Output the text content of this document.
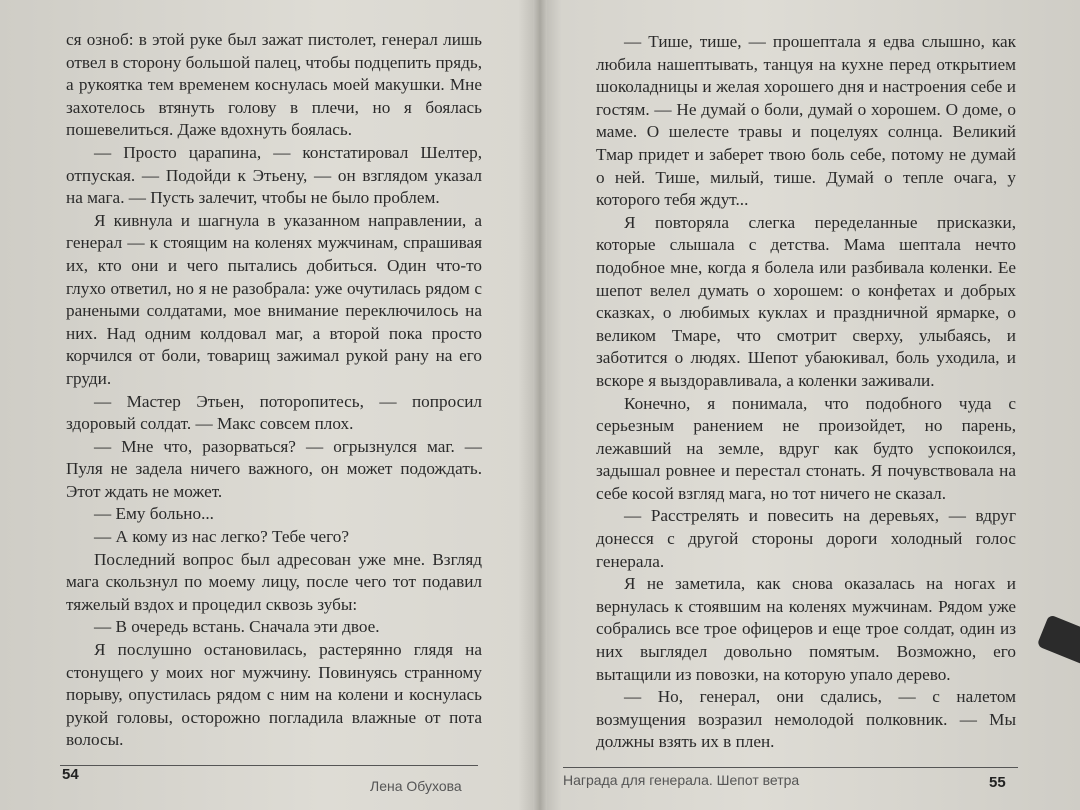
ся озноб: в этой руке был зажат пистолет, генерал лишь отвел в сторону большой палец, чтобы подцепить прядь, а рукоятка тем временем коснулась моей макушки. Мне захотелось втянуть голову в плечи, но я боялась пошевелиться. Даже вдохнуть боялась.

— Просто царапина, — констатировал Шелтер, отпуская. — Подойди к Этьену, — он взглядом указал на мага. — Пусть залечит, чтобы не было проблем.

Я кивнула и шагнула в указанном направлении, а генерал — к стоящим на коленях мужчинам, спрашивая их, кто они и чего пытались добиться. Один что-то глухо ответил, но я не разобрала: уже очутилась рядом с ранеными солдатами, мое внимание переключилось на них. Над одним колдовал маг, а второй пока просто корчился от боли, товарищ зажимал рукой рану на его груди.

— Мастер Этьен, поторопитесь, — попросил здоровый солдат. — Макс совсем плох.

— Мне что, разорваться? — огрызнулся маг. — Пуля не задела ничего важного, он может подождать. Этот ждать не может.

— Ему больно...

— А кому из нас легко? Тебе чего?

Последний вопрос был адресован уже мне. Взгляд мага скользнул по моему лицу, после чего тот подавил тяжелый вздох и процедил сквозь зубы:

— В очередь встань. Сначала эти двое.

Я послушно остановилась, растерянно глядя на стонущего у моих ног мужчину. Повинуясь странному порыву, опустилась рядом с ним на колени и коснулась рукой головы, осторожно погладила влажные от пота волосы.

54
Лена Обухова

— Тише, тише, — прошептала я едва слышно, как любила нашептывать, танцуя на кухне перед открытием шоколадницы и желая хорошего дня и настроения себе и гостям. — Не думай о боли, думай о хорошем. О доме, о маме. О шелесте травы и поцелуях солнца. Великий Тмар придет и заберет твою боль себе, потому не думай о ней. Тише, милый, тише. Думай о тепле очага, у которого тебя ждут...

Я повторяла слегка переделанные присказки, которые слышала с детства. Мама шептала нечто подобное мне, когда я болела или разбивала коленки. Ее шепот велел думать о хорошем: о конфетах и добрых сказках, о любимых куклах и праздничной ярмарке, о великом Тмаре, что смотрит сверху, улыбаясь, и заботится о людях. Шепот убаюкивал, боль уходила, и вскоре я выздоравливала, а коленки заживали.

Конечно, я понимала, что подобного чуда с серьезным ранением не произойдет, но парень, лежавший на земле, вдруг как будто успокоился, задышал ровнее и перестал стонать. Я почувствовала на себе косой взгляд мага, но тот ничего не сказал.

— Расстрелять и повесить на деревьях, — вдруг донесся с другой стороны дороги холодный голос генерала.

Я не заметила, как снова оказалась на ногах и вернулась к стоявшим на коленях мужчинам. Рядом уже собрались все трое офицеров и еще трое солдат, один из них выглядел довольно помятым. Возможно, его вытащили из повозки, на которую упало дерево.

— Но, генерал, они сдались, — с налетом возмущения возразил немолодой полковник. — Мы должны взять их в плен.

Награда для генерала. Шепот ветра	55
